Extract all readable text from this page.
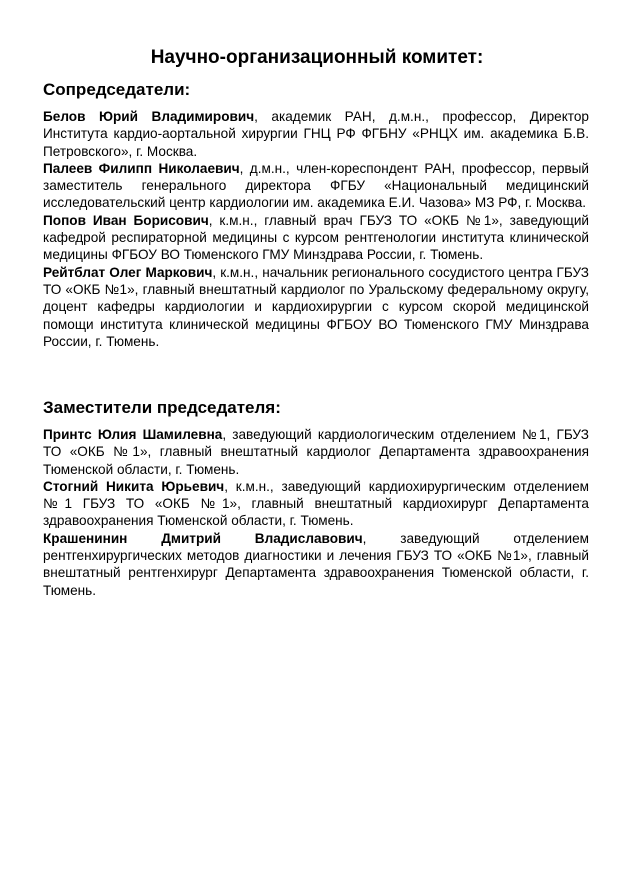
Научно-организационный комитет:
Сопредседатели:

Белов Юрий Владимирович, академик РАН, д.м.н., профессор, Директор Института кардио-аортальной хирургии ГНЦ РФ ФГБНУ «РНЦХ им. академика Б.В. Петровского», г. Москва.

Палеев Филипп Николаевич, д.м.н., член-кореспондент РАН, профессор, первый заместитель генерального директора ФГБУ «Национальный медицинский исследовательский центр кардиологии им. академика Е.И. Чазова» МЗ РФ, г. Москва.

Попов Иван Борисович, к.м.н., главный врач ГБУЗ ТО «ОКБ №1», заведующий кафедрой респираторной медицины с курсом рентгенологии института клинической медицины ФГБОУ ВО Тюменского ГМУ Минздрава России, г. Тюмень.

Рейтблат Олег Маркович, к.м.н., начальник регионального сосудистого центра ГБУЗ ТО «ОКБ №1», главный внештатный кардиолог по Уральскому федеральному округу, доцент кафедры кардиологии и кардиохирургии с курсом скорой медицинской помощи института клинической медицины ФГБОУ ВО Тюменского ГМУ Минздрава России, г. Тюмень.

Заместители председателя:

Принтс Юлия Шамилевна, заведующий кардиологическим отделением №1, ГБУЗ ТО «ОКБ №1», главный внештатный кардиолог Департамента здравоохранения Тюменской области, г. Тюмень.

Стогний Никита Юрьевич, к.м.н., заведующий кардиохирургическим отделением №1 ГБУЗ ТО «ОКБ №1», главный внештатный кардиохирург Департамента здравоохранения Тюменской области, г. Тюмень.

Крашенинин Дмитрий Владиславович, заведующий отделением рентгенхирургических методов диагностики и лечения ГБУЗ ТО «ОКБ №1», главный внештатный рентгенхирург Департамента здравоохранения Тюменской области, г. Тюмень.
